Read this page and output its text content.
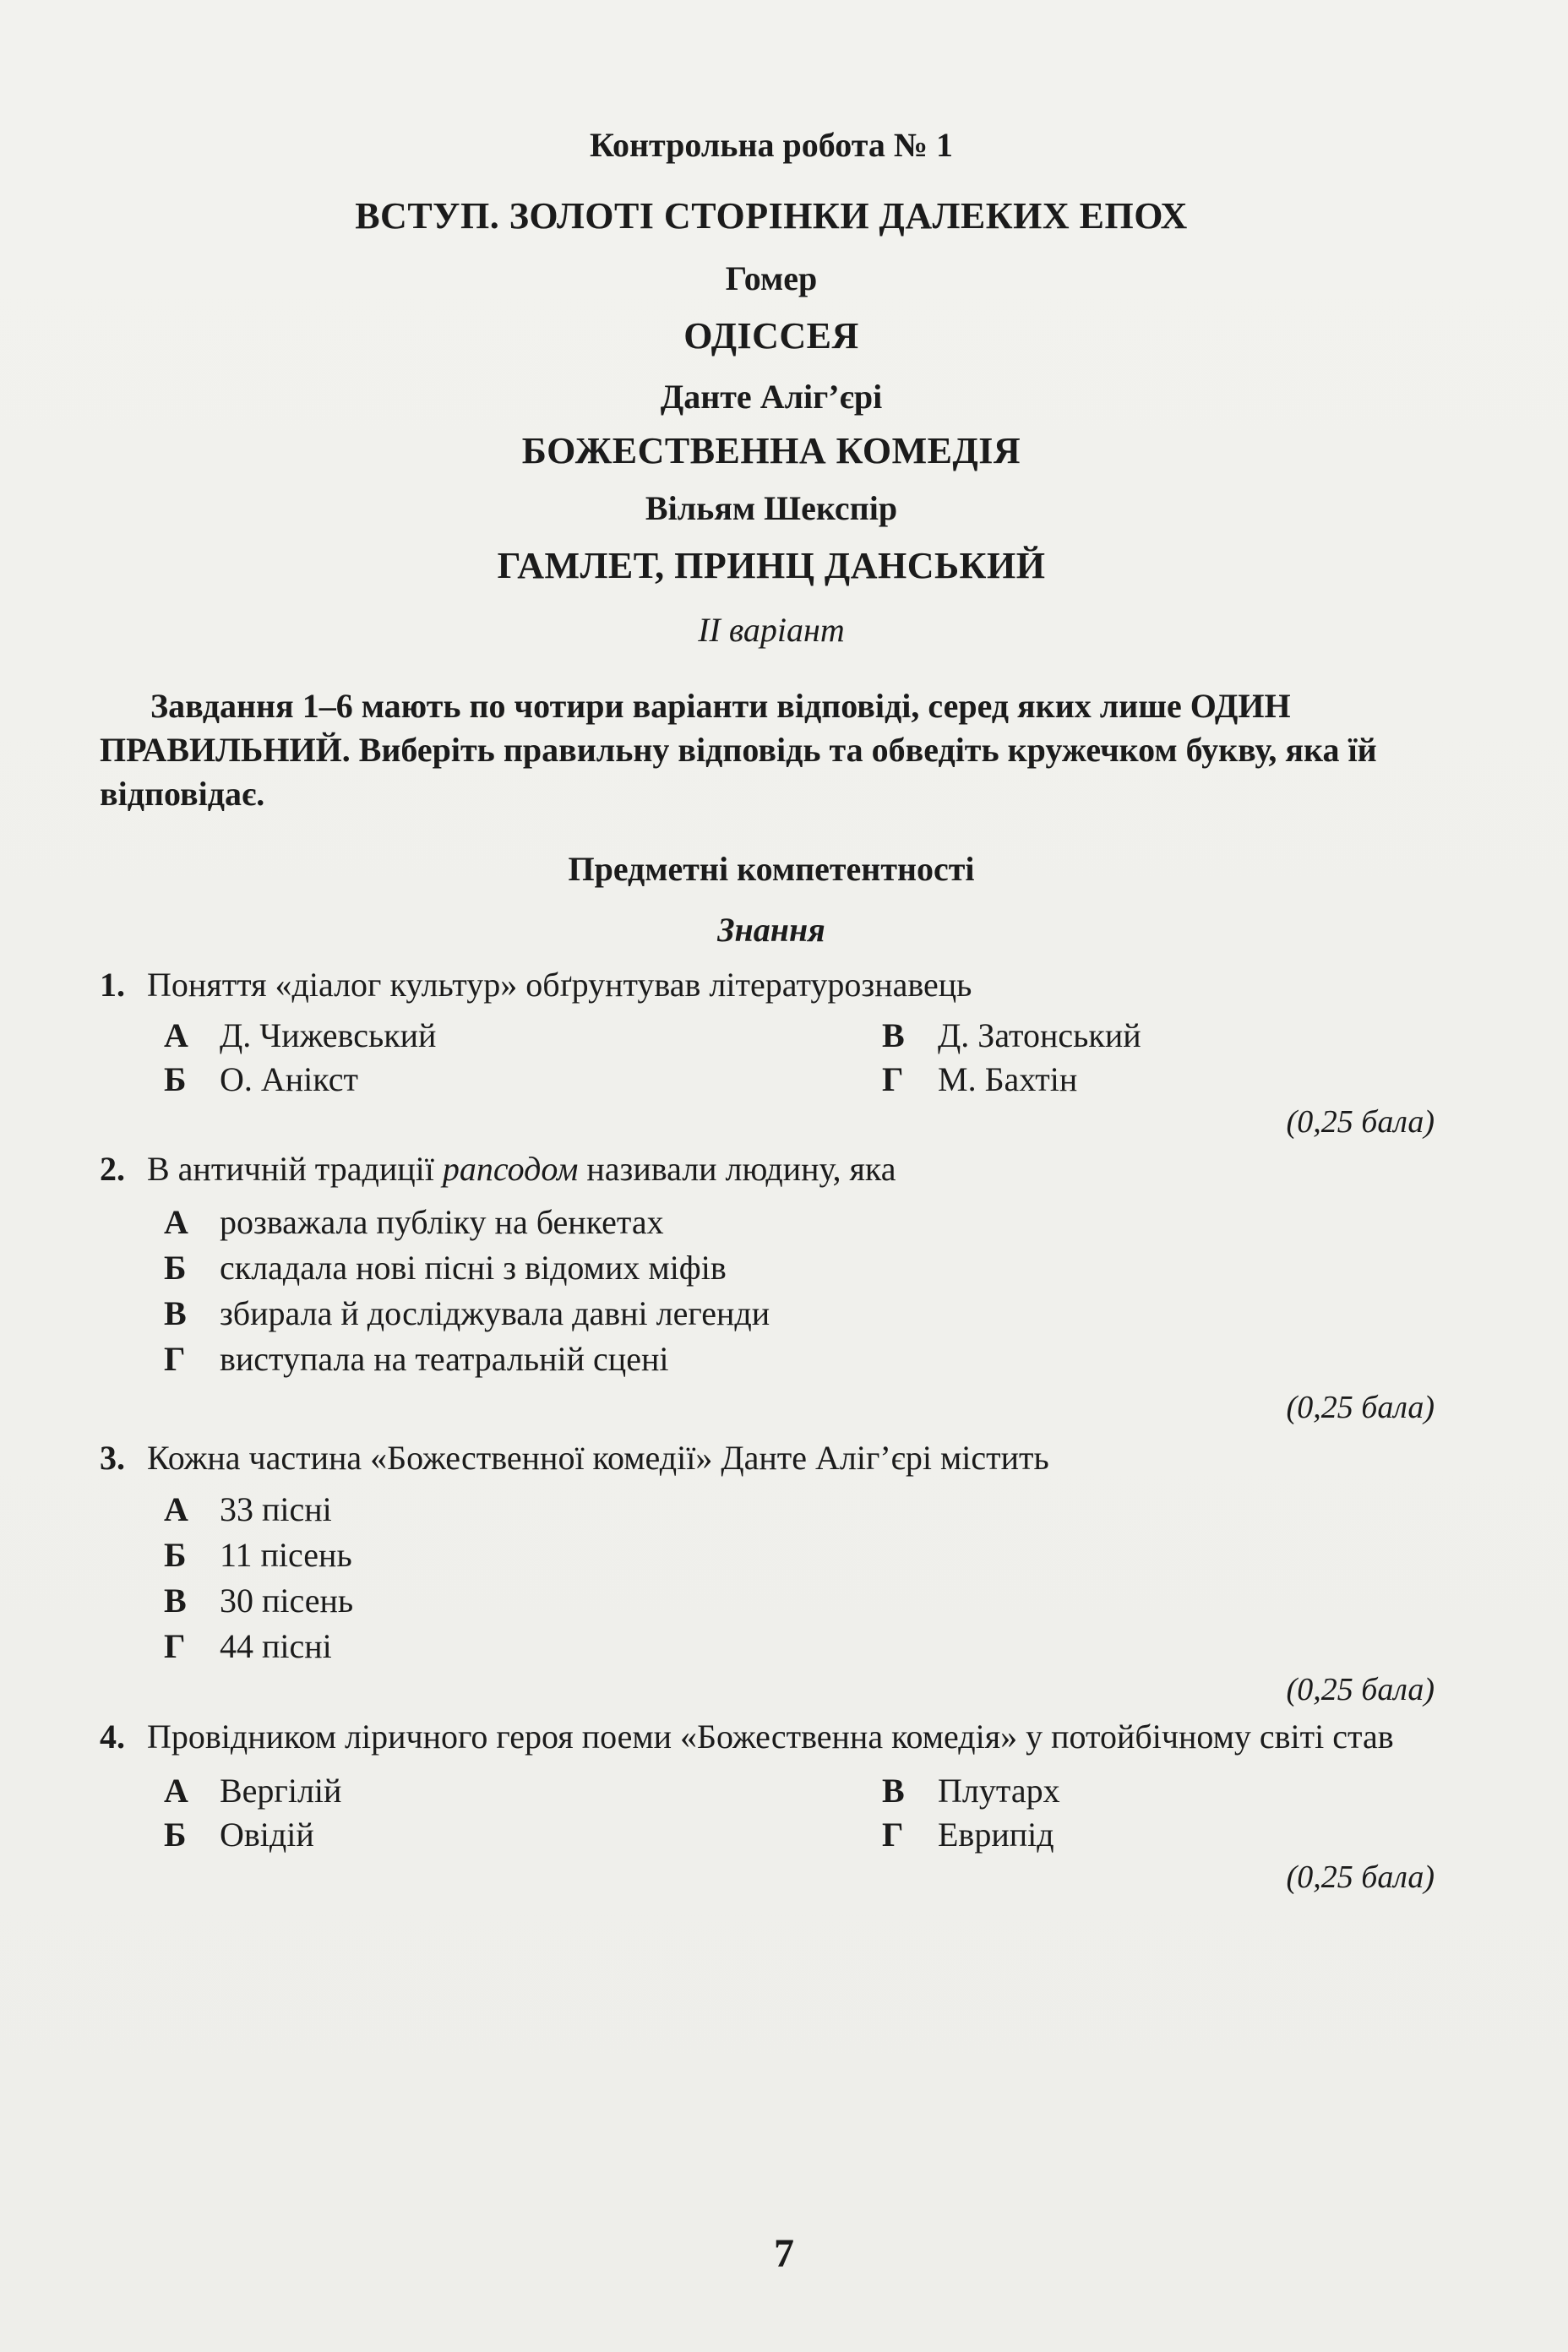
Контрольна робота № 1
ВСТУП. ЗОЛОТІ СТОРІНКИ ДАЛЕКИХ ЕПОХ
Гомер
ОДІССЕЯ
Данте Аліг’єрі
БОЖЕСТВЕННА КОМЕДІЯ
Вільям Шекспір
ГАМЛЕТ, ПРИНЦ ДАНСЬКИЙ
ІІ варіант
Завдання 1–6 мають по чотири варіанти відповіді, серед яких лише ОДИН ПРАВИЛЬНИЙ. Виберіть правильну відповідь та обведіть кружечком букву, яка їй відповідає.
Предметні компетентності
Знання
1. Поняття «діалог культур» обґрунтував літературознавець
А Д. Чижевський	В Д. Затонський
Б О. Анікст	Г М. Бахтін
(0,25 бала)
2. В античній традиції рапсодом називали людину, яка
А розважала публіку на бенкетах
Б складала нові пісні з відомих міфів
В збирала й досліджувала давні легенди
Г виступала на театральній сцені
(0,25 бала)
3. Кожна частина «Божественної комедії» Данте Аліг’єрі містить
А 33 пісні
Б 11 пісень
В 30 пісень
Г 44 пісні
(0,25 бала)
4. Провідником ліричного героя поеми «Божественна комедія» у потойбічному світі став
А Вергілій	В Плутарх
Б Овідій	Г Еврипід
(0,25 бала)
7
